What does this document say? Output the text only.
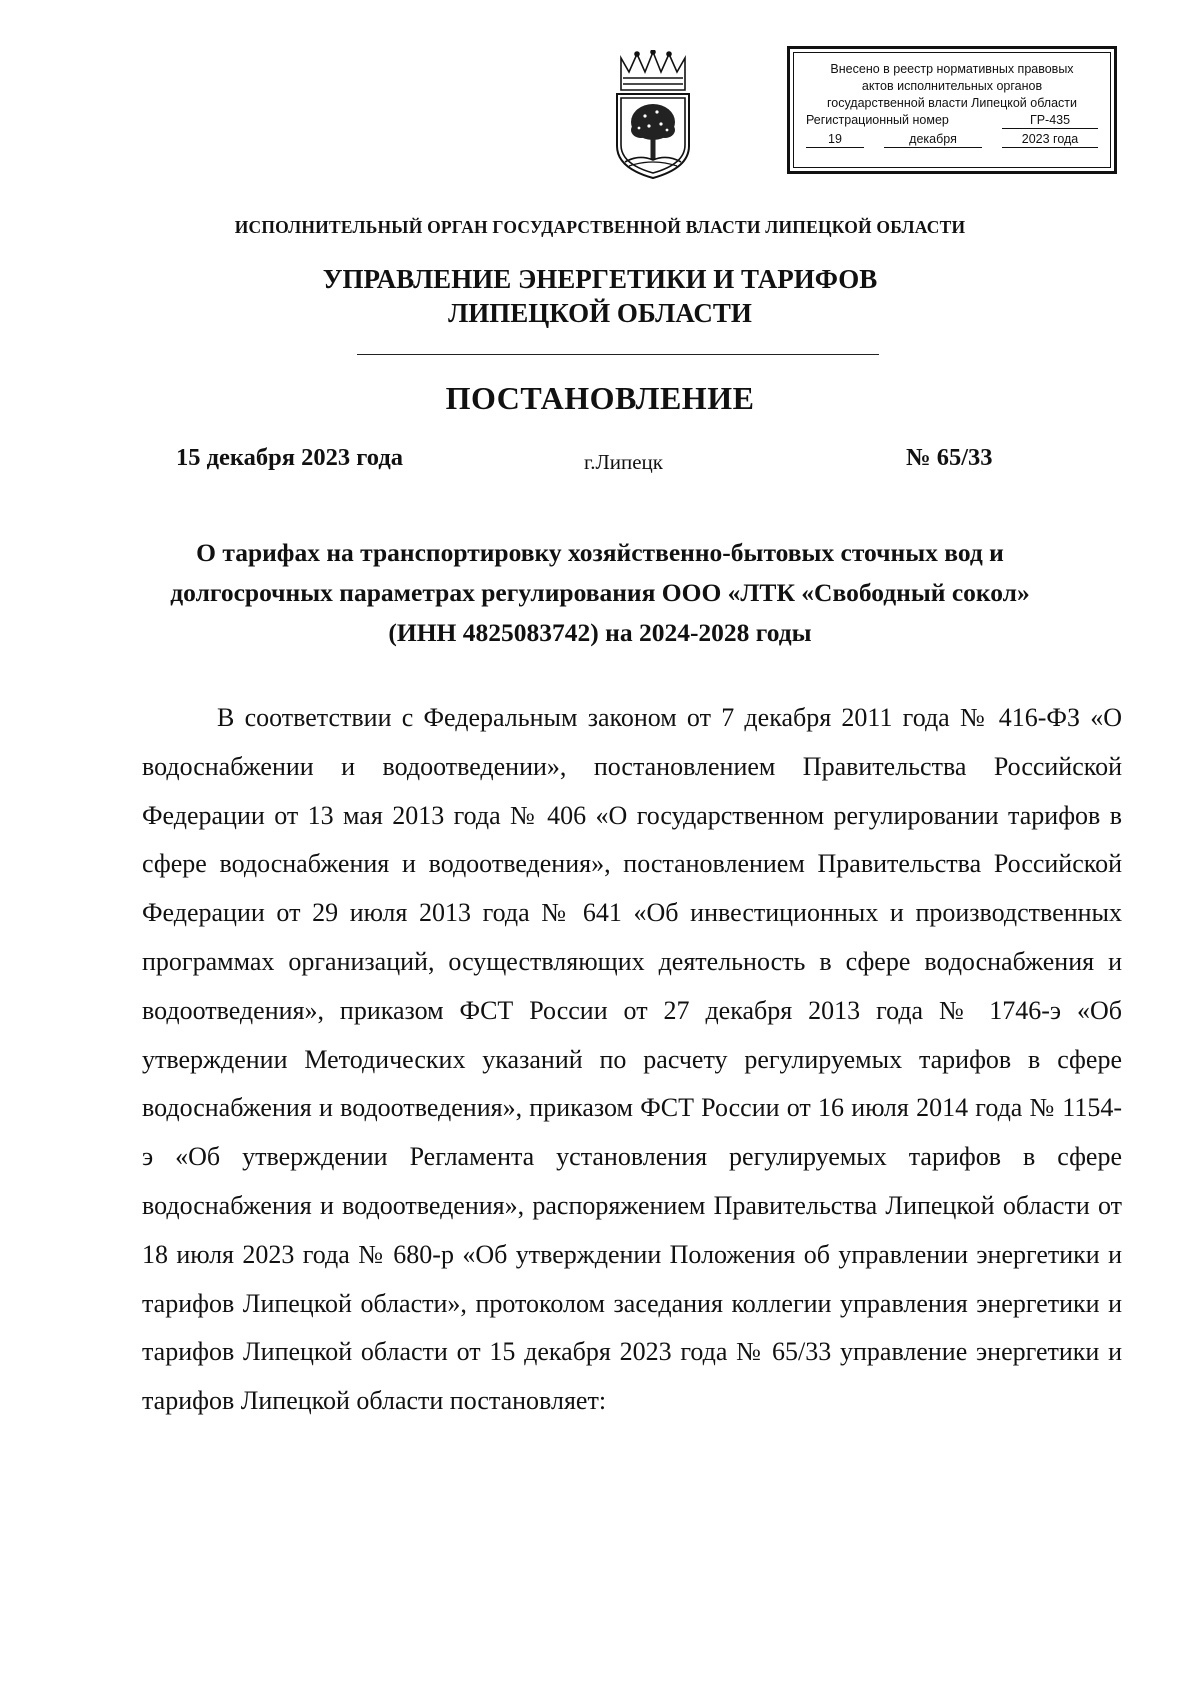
Внесено в реестр нормативных правовых
актов исполнительных органов
государственной власти Липецкой области
Регистрационный номер	ГР-435
19	декабря	2023 года
ИСПОЛНИТЕЛЬНЫЙ ОРГАН ГОСУДАРСТВЕННОЙ ВЛАСТИ ЛИПЕЦКОЙ ОБЛАСТИ
УПРАВЛЕНИЕ ЭНЕРГЕТИКИ И ТАРИФОВ
ЛИПЕЦКОЙ ОБЛАСТИ
ПОСТАНОВЛЕНИЕ
15 декабря 2023 года	г.Липецк	№ 65/33
О тарифах на транспортировку хозяйственно-бытовых сточных вод и
долгосрочных параметрах регулирования ООО «ЛТК «Свободный сокол»
(ИНН 4825083742) на 2024-2028 годы

В соответствии с Федеральным законом от 7 декабря 2011 года № 416-ФЗ «О водоснабжении и водоотведении», постановлением Правительства Российской Федерации от 13 мая 2013 года № 406 «О государственном регулировании тарифов в сфере водоснабжения и водоотведения», постановлением Правительства Российской Федерации от 29 июля 2013 года № 641 «Об инвестиционных и производственных программах организаций, осуществляющих деятельность в сфере водоснабжения и водоотведения», приказом ФСТ России от 27 декабря 2013 года № 1746-э «Об утверждении Методических указаний по расчету регулируемых тарифов в сфере водоснабжения и водоотведения», приказом ФСТ России от 16 июля 2014 года № 1154-э «Об утверждении Регламента установления регулируемых тарифов в сфере водоснабжения и водоотведения», распоряжением Правительства Липецкой области от 18 июля 2023 года № 680-р «Об утверждении Положения об управлении энергетики и тарифов Липецкой области», протоколом заседания коллегии управления энергетики и тарифов Липецкой области от 15 декабря 2023 года № 65/33 управление энергетики и тарифов Липецкой области постановляет:
